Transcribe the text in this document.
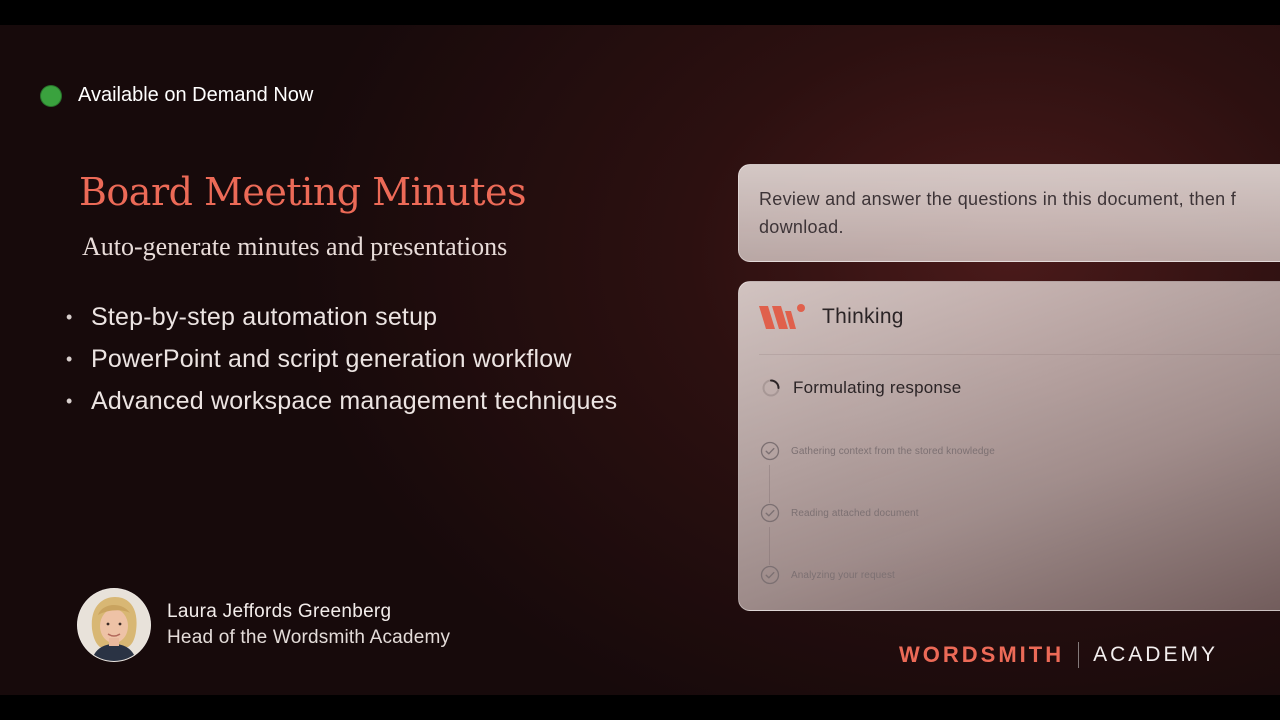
Available on Demand Now
Board Meeting Minutes
Auto-generate minutes and presentations
• Step-by-step automation setup
• PowerPoint and script generation workflow
• Advanced workspace management techniques
Laura Jeffords Greenberg
Head of the Wordsmith Academy
Review and answer the questions in this document, then f download.
Thinking
Formulating response
Gathering context from the stored knowledge
Reading attached document
Analyzing your request
WORDSMITH ACADEMY
